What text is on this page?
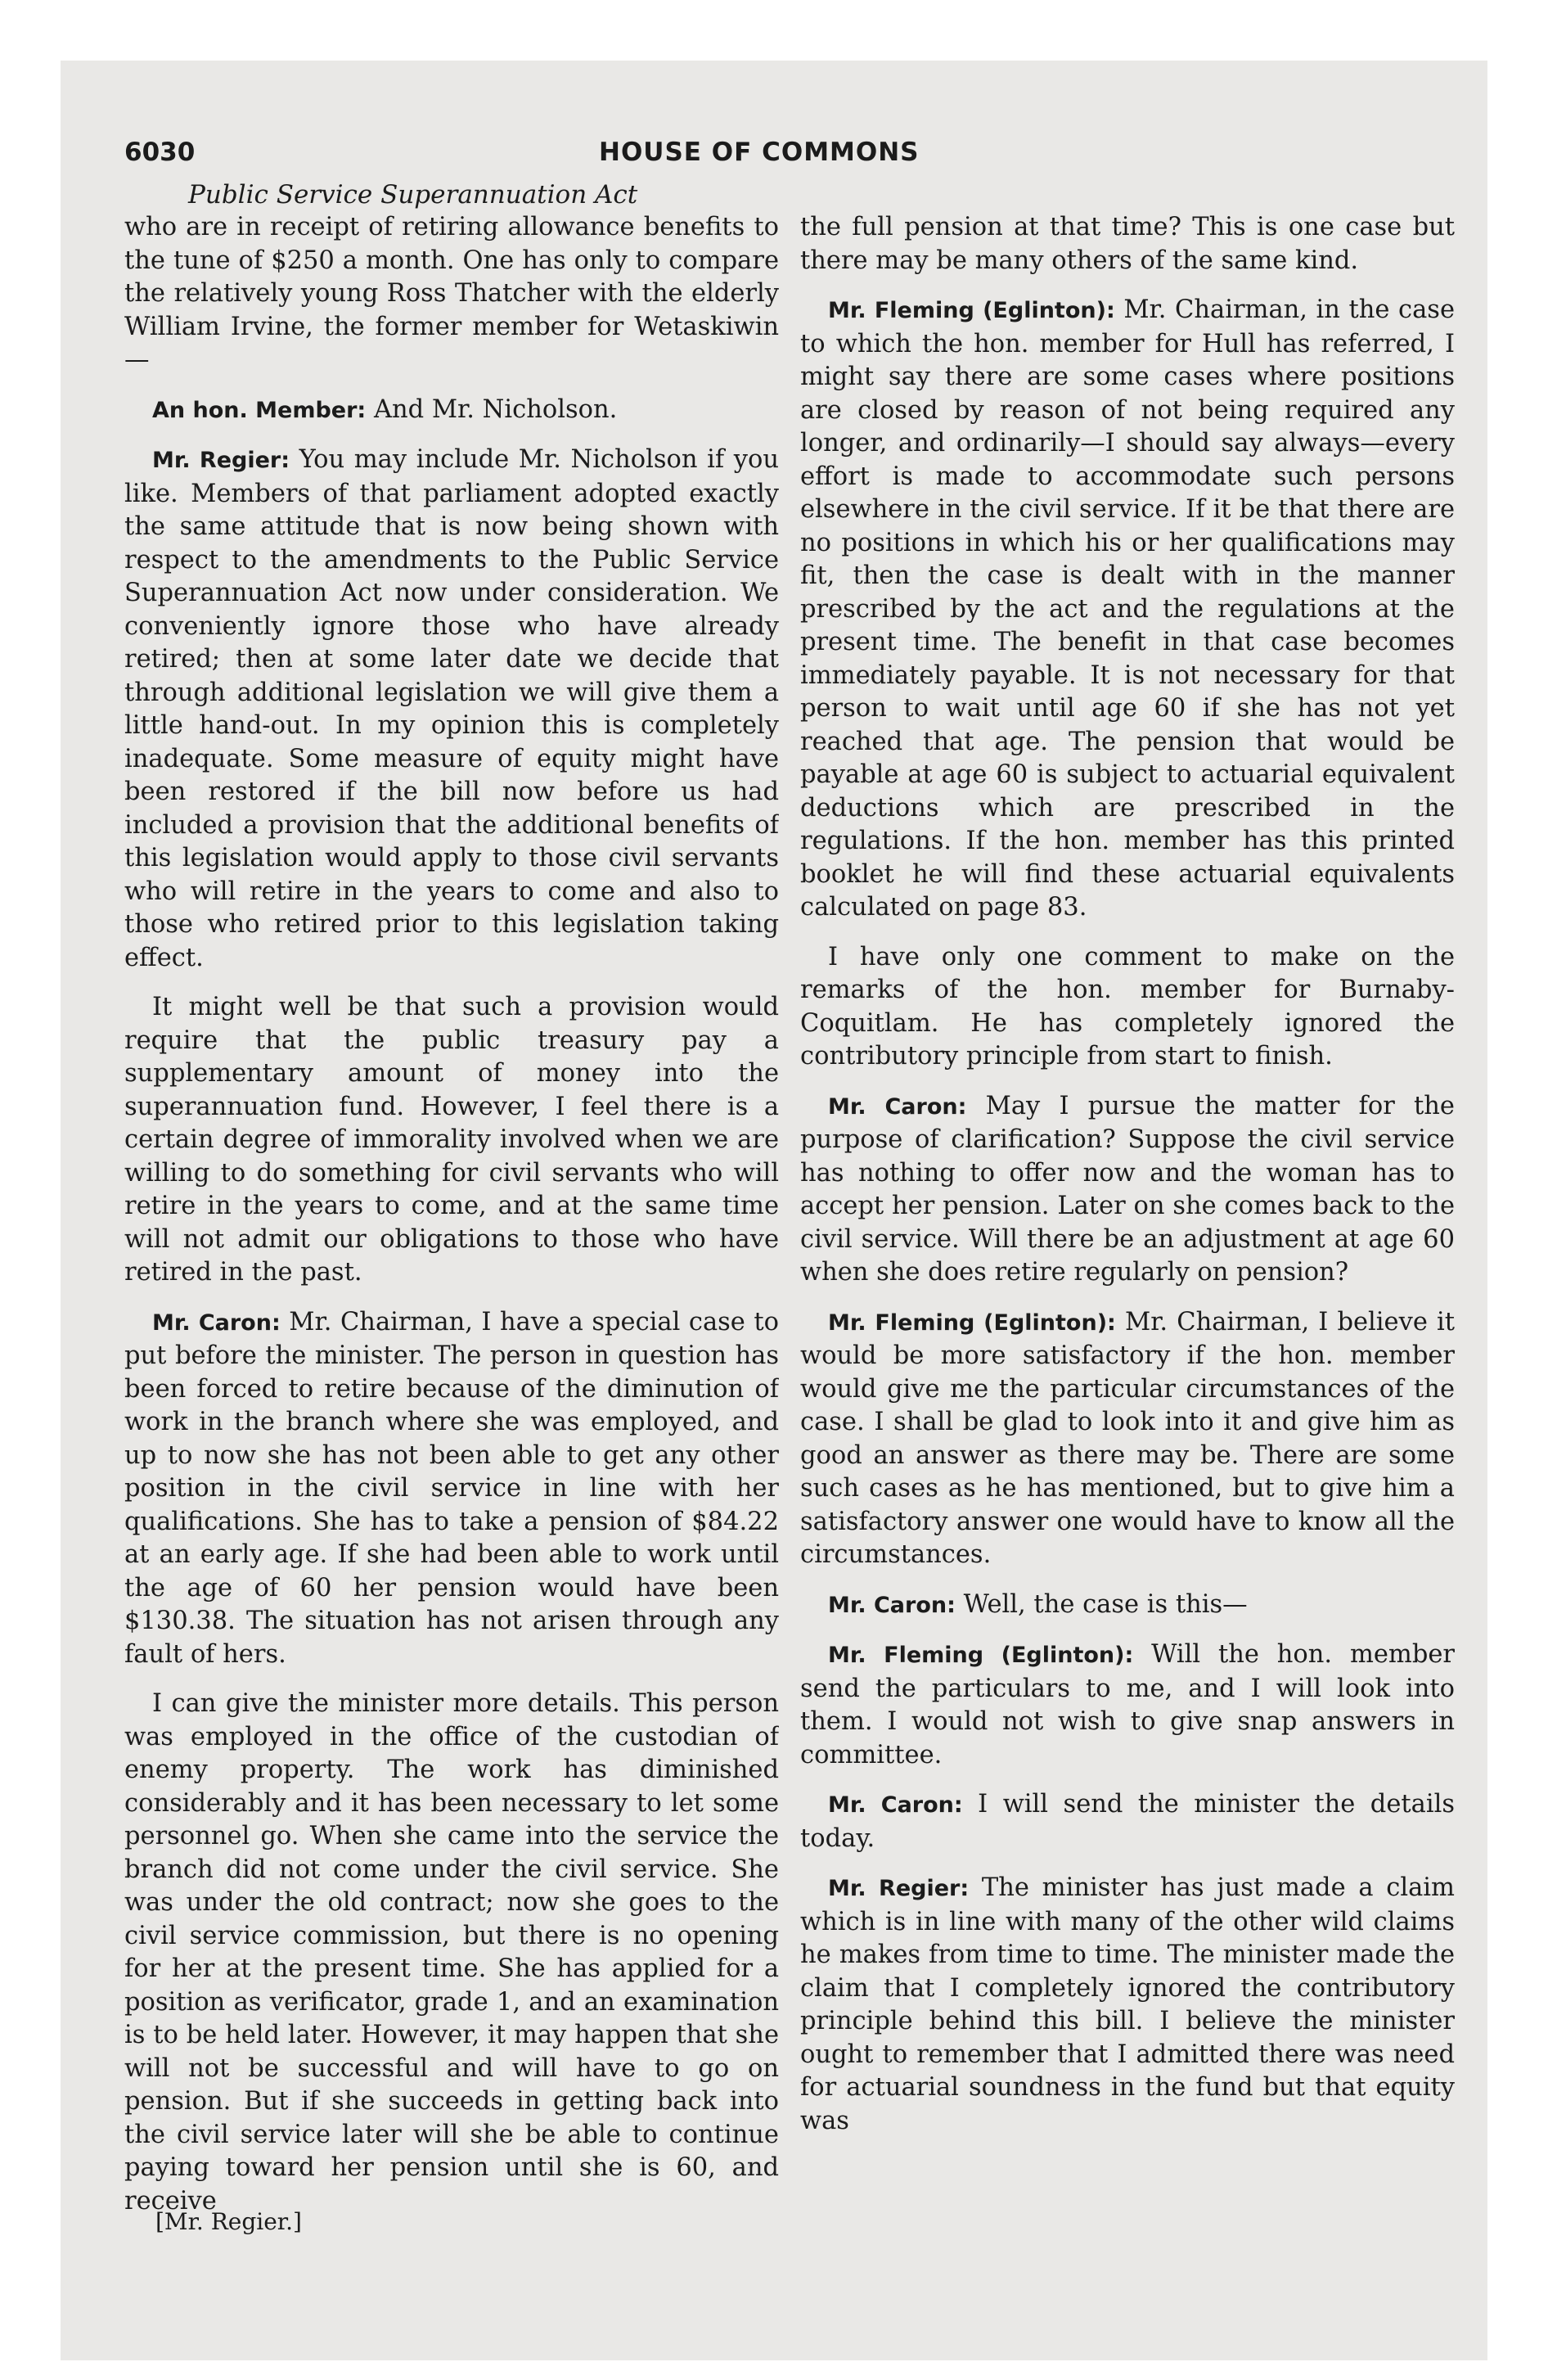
6030	HOUSE OF COMMONS
Public Service Superannuation Act

who are in receipt of retiring allowance benefits to the tune of $250 a month. One has only to compare the relatively young Ross Thatcher with the elderly William Irvine, the former member for Wetaskiwin—

An hon. Member: And Mr. Nicholson.

Mr. Regier: You may include Mr. Nicholson if you like. Members of that parliament adopted exactly the same attitude that is now being shown with respect to the amendments to the Public Service Superannuation Act now under consideration. We conveniently ignore those who have already retired; then at some later date we decide that through additional legislation we will give them a little hand-out. In my opinion this is completely inadequate. Some measure of equity might have been restored if the bill now before us had included a provision that the additional benefits of this legislation would apply to those civil servants who will retire in the years to come and also to those who retired prior to this legislation taking effect.

It might well be that such a provision would require that the public treasury pay a supplementary amount of money into the superannuation fund. However, I feel there is a certain degree of immorality involved when we are willing to do something for civil servants who will retire in the years to come, and at the same time will not admit our obligations to those who have retired in the past.

Mr. Caron: Mr. Chairman, I have a special case to put before the minister. The person in question has been forced to retire because of the diminution of work in the branch where she was employed, and up to now she has not been able to get any other position in the civil service in line with her qualifications. She has to take a pension of $84.22 at an early age. If she had been able to work until the age of 60 her pension would have been $130.38. The situation has not arisen through any fault of hers.

I can give the minister more details. This person was employed in the office of the custodian of enemy property. The work has diminished considerably and it has been necessary to let some personnel go. When she came into the service the branch did not come under the civil service. She was under the old contract; now she goes to the civil service commission, but there is no opening for her at the present time. She has applied for a position as verificator, grade 1, and an examination is to be held later. However, it may happen that she will not be successful and will have to go on pension. But if she succeeds in getting back into the civil service later will she be able to continue paying toward her pension until she is 60, and receive

the full pension at that time? This is one case but there may be many others of the same kind.

Mr. Fleming (Eglinton): Mr. Chairman, in the case to which the hon. member for Hull has referred, I might say there are some cases where positions are closed by reason of not being required any longer, and ordinarily—I should say always—every effort is made to accommodate such persons elsewhere in the civil service. If it be that there are no positions in which his or her qualifications may fit, then the case is dealt with in the manner prescribed by the act and the regulations at the present time. The benefit in that case becomes immediately payable. It is not necessary for that person to wait until age 60 if she has not yet reached that age. The pension that would be payable at age 60 is subject to actuarial equivalent deductions which are prescribed in the regulations. If the hon. member has this printed booklet he will find these actuarial equivalents calculated on page 83.

I have only one comment to make on the remarks of the hon. member for Burnaby-Coquitlam. He has completely ignored the contributory principle from start to finish.

Mr. Caron: May I pursue the matter for the purpose of clarification? Suppose the civil service has nothing to offer now and the woman has to accept her pension. Later on she comes back to the civil service. Will there be an adjustment at age 60 when she does retire regularly on pension?

Mr. Fleming (Eglinton): Mr. Chairman, I believe it would be more satisfactory if the hon. member would give me the particular circumstances of the case. I shall be glad to look into it and give him as good an answer as there may be. There are some such cases as he has mentioned, but to give him a satisfactory answer one would have to know all the circumstances.

Mr. Caron: Well, the case is this—

Mr. Fleming (Eglinton): Will the hon. member send the particulars to me, and I will look into them. I would not wish to give snap answers in committee.

Mr. Caron: I will send the minister the details today.

Mr. Regier: The minister has just made a claim which is in line with many of the other wild claims he makes from time to time. The minister made the claim that I completely ignored the contributory principle behind this bill. I believe the minister ought to remember that I admitted there was need for actuarial soundness in the fund but that equity was

[Mr. Regier.]
